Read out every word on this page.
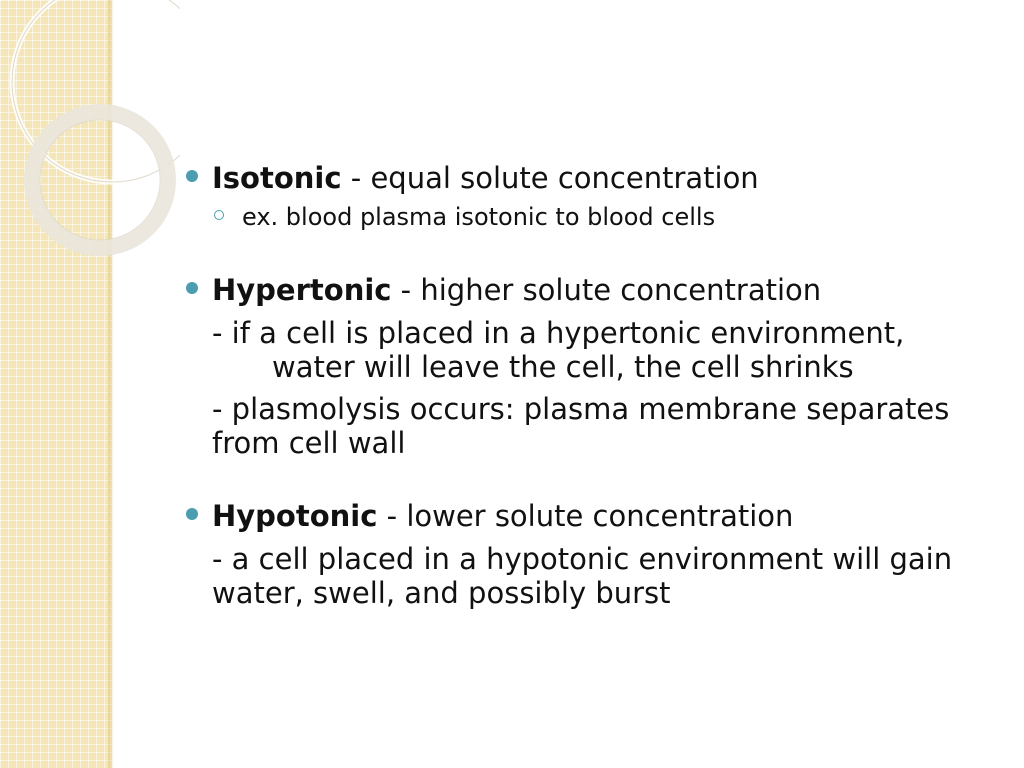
Isotonic - equal solute concentration
ex. blood plasma isotonic to blood cells
Hypertonic - higher solute concentration
- if a cell is placed in a hypertonic environment,
water will leave the cell, the cell shrinks
- plasmolysis occurs: plasma membrane separates from cell wall
Hypotonic - lower solute concentration
- a cell placed in a hypotonic environment will gain water, swell, and possibly burst
